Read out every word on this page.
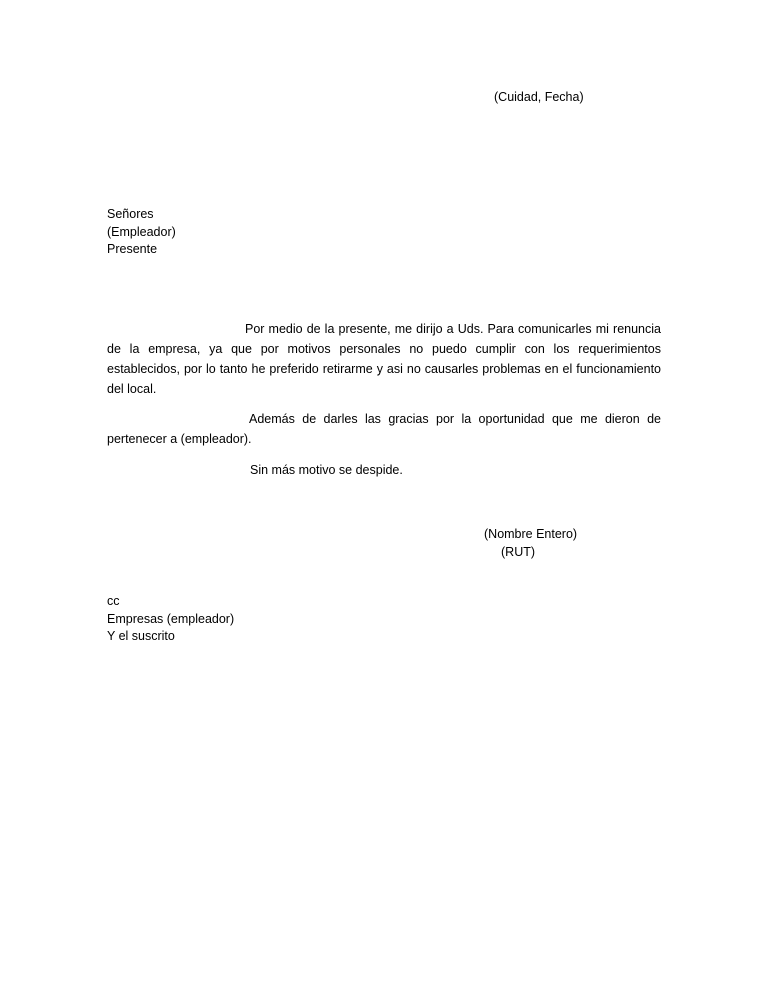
(Cuidad, Fecha)
Señores
(Empleador)
Presente
Por medio de la presente, me dirijo a Uds. Para comunicarles mi renuncia de la empresa, ya que por motivos personales no puedo cumplir con los requerimientos establecidos, por lo tanto he preferido retirarme y asi no causarles problemas en el funcionamiento del local.
Además de darles las gracias por la oportunidad que me dieron de pertenecer a (empleador).
Sin más motivo se despide.
(Nombre Entero)
(RUT)
cc
Empresas (empleador)
Y el suscrito
